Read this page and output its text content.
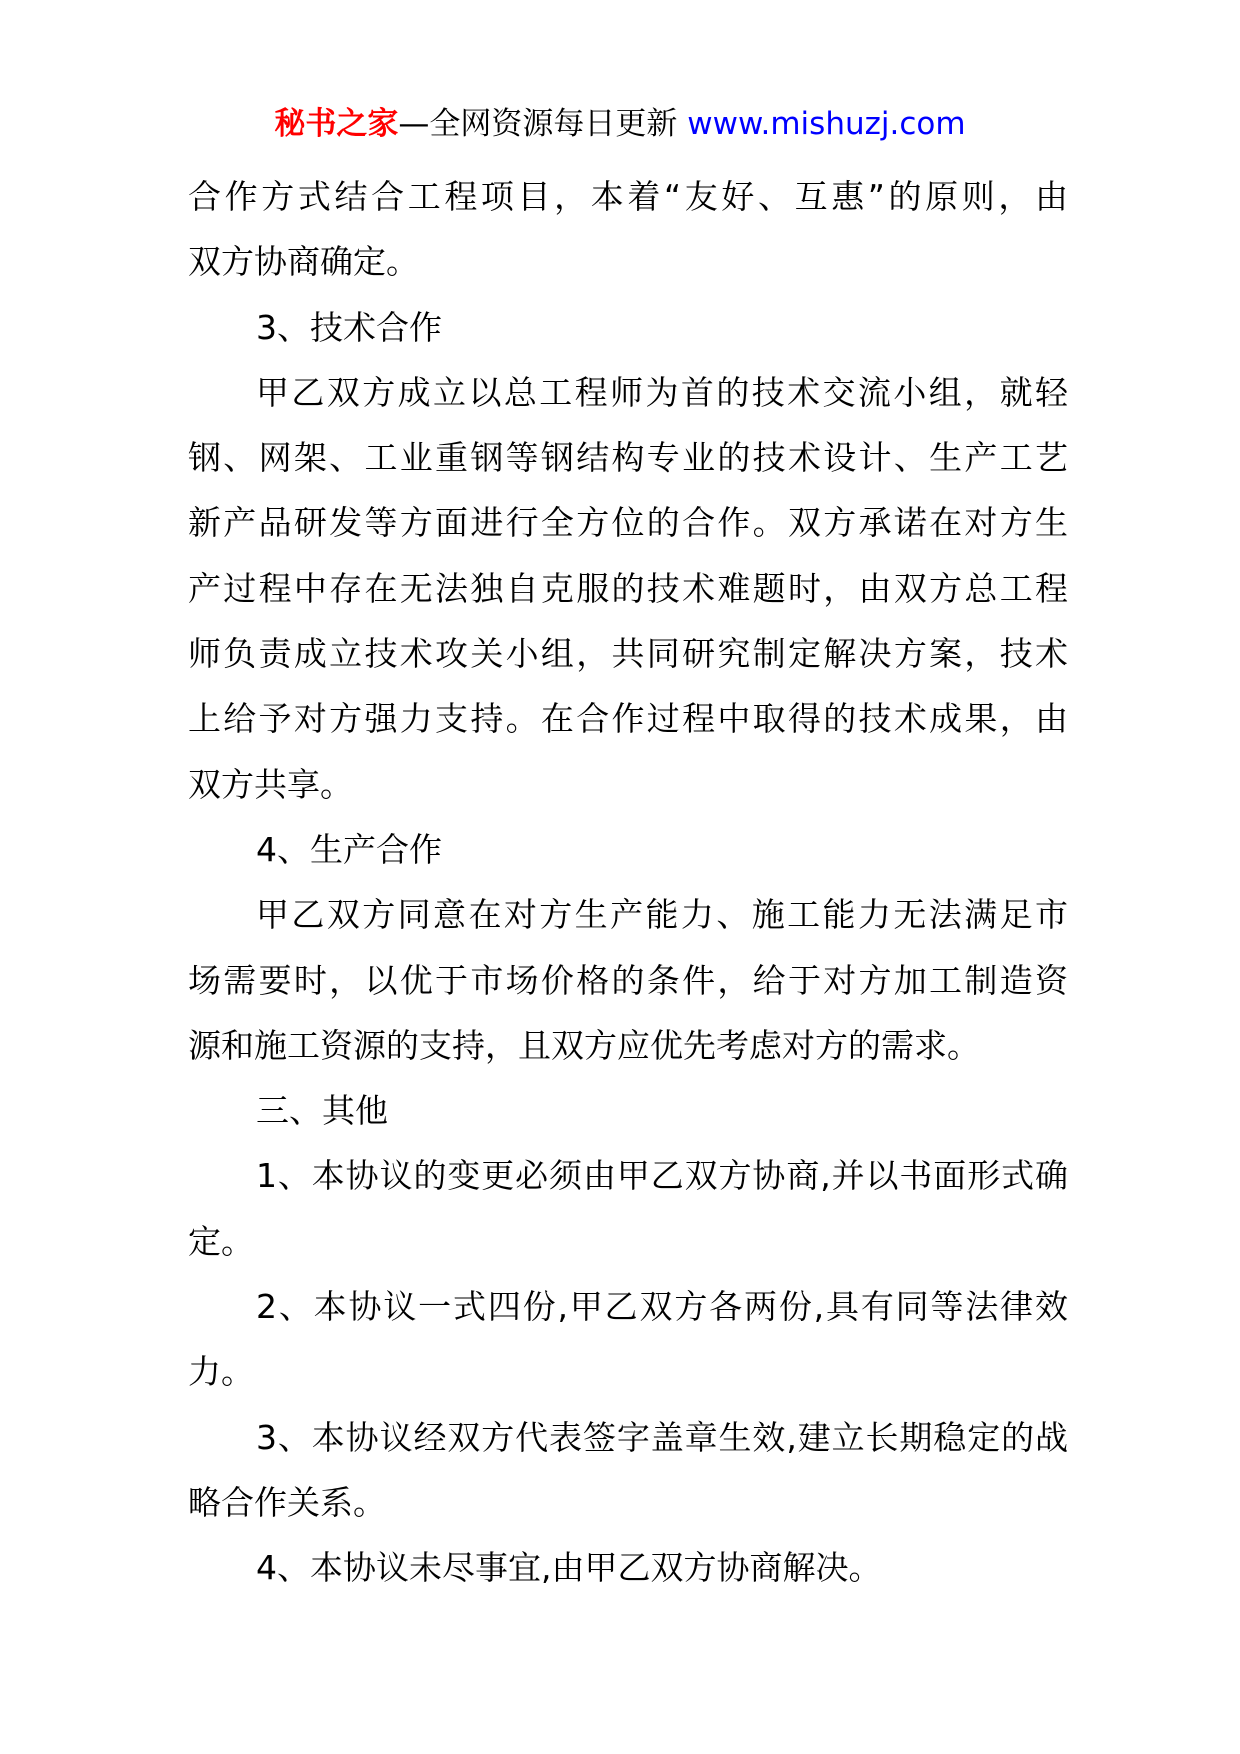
秘书之家—全网资源每日更新 www.mishuzj.com
合作方式结合工程项目，本着“友好、互惠”的原则，由
双方协商确定。
3、技术合作
甲乙双方成立以总工程师为首的技术交流小组，就轻
钢、网架、工业重钢等钢结构专业的技术设计、生产工艺
新产品研发等方面进行全方位的合作。双方承诺在对方生
产过程中存在无法独自克服的技术难题时，由双方总工程
师负责成立技术攻关小组，共同研究制定解决方案，技术
上给予对方强力支持。在合作过程中取得的技术成果，由
双方共享。
4、生产合作
甲乙双方同意在对方生产能力、施工能力无法满足市
场需要时，以优于市场价格的条件，给于对方加工制造资
源和施工资源的支持，且双方应优先考虑对方的需求。
三、其他
1、本协议的变更必须由甲乙双方协商,并以书面形式确
定。
2、本协议一式四份,甲乙双方各两份,具有同等法律效
力。
3、本协议经双方代表签字盖章生效,建立长期稳定的战
略合作关系。
4、本协议未尽事宜,由甲乙双方协商解决。
